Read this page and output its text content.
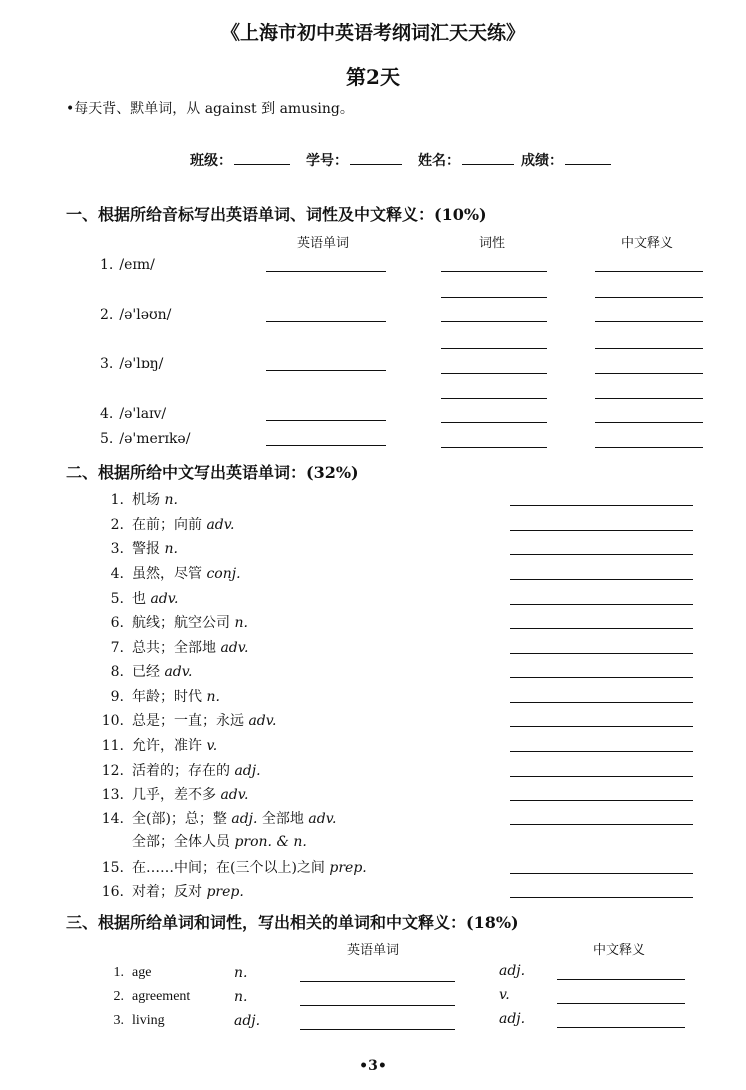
《上海市初中英语考纲词汇天天练》
第2天
•每天背、默单词，从 against 到 amusing。
班级：	学号：	姓名：	成绩：
一、根据所给音标写出英语单词、词性及中文释义：(10%)
英语单词	词性	中文释义
1. /eɪm/
2. /ə'ləʊn/
3. /ə'lɒŋ/
4. /ə'laɪv/
5. /ə'merɪkə/
二、根据所给中文写出英语单词：(32%)
1. 机场 n.
2. 在前；向前 adv.
3. 警报 n.
4. 虽然，尽管 conj.
5. 也 adv.
6. 航线；航空公司 n.
7. 总共；全部地 adv.
8. 已经 adv.
9. 年龄；时代 n.
10. 总是；一直；永远 adv.
11. 允许，准许 v.
12. 活着的；存在的 adj.
13. 几乎，差不多 adv.
14. 全(部)；总；整 adj. 全部地 adv.
全部；全体人员 pron. & n.
15. 在……中间；在(三个以上)之间 prep.
16. 对着；反对 prep.
三、根据所给单词和词性，写出相关的单词和中文释义：(18%)
英语单词	中文释义
1. age	n.	adj.
2. agreement	n.	v.
3. living	adj.	adj.
•3•
